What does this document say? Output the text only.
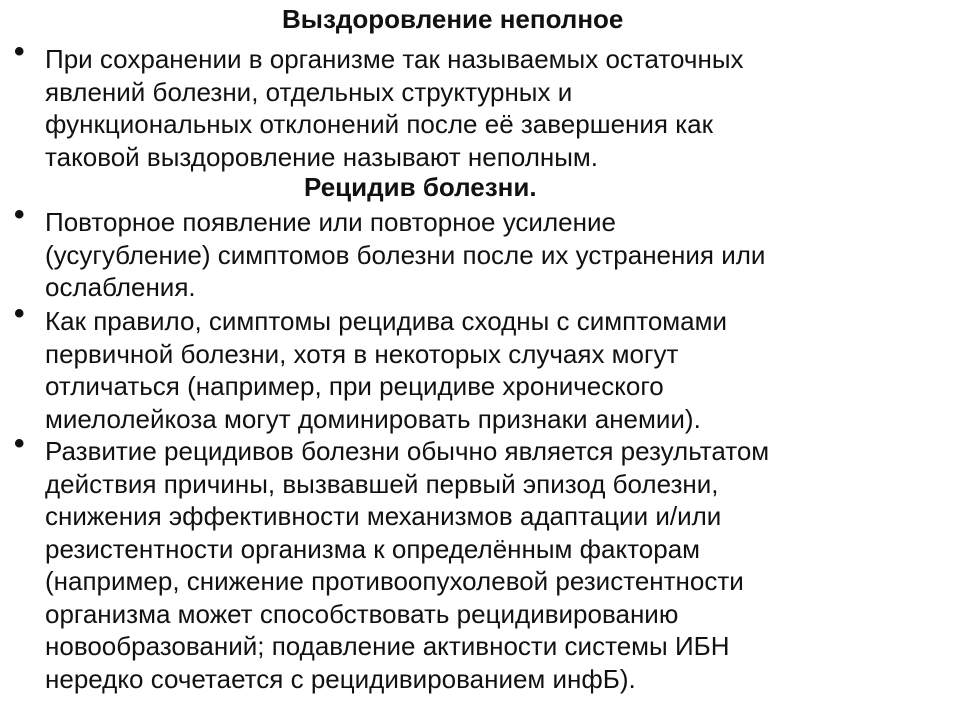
Выздоровление неполное
• При сохранении в организме так называемых остаточных
явлений болезни, отдельных структурных и
функциональных отклонений после её завершения как
таковой выздоровление называют неполным.
Рецидив болезни.
• Повторное появление или повторное усиление
(усугубление) симптомов болезни после их устранения или
ослабления.
• Как правило, симптомы рецидива сходны с симптомами
первичной болезни, хотя в некоторых случаях могут
отличаться (например, при рецидиве хронического
миелолейкоза могут доминировать признаки анемии).
• Развитие рецидивов болезни обычно является результатом
действия причины, вызвавшей первый эпизод болезни,
снижения эффективности механизмов адаптации и/или
резистентности организма к определённым факторам
(например, снижение противоопухолевой резистентности
организма может способствовать рецидивированию
новообразований; подавление активности системы ИБН
нередко сочетается с рецидивированием инфБ).
